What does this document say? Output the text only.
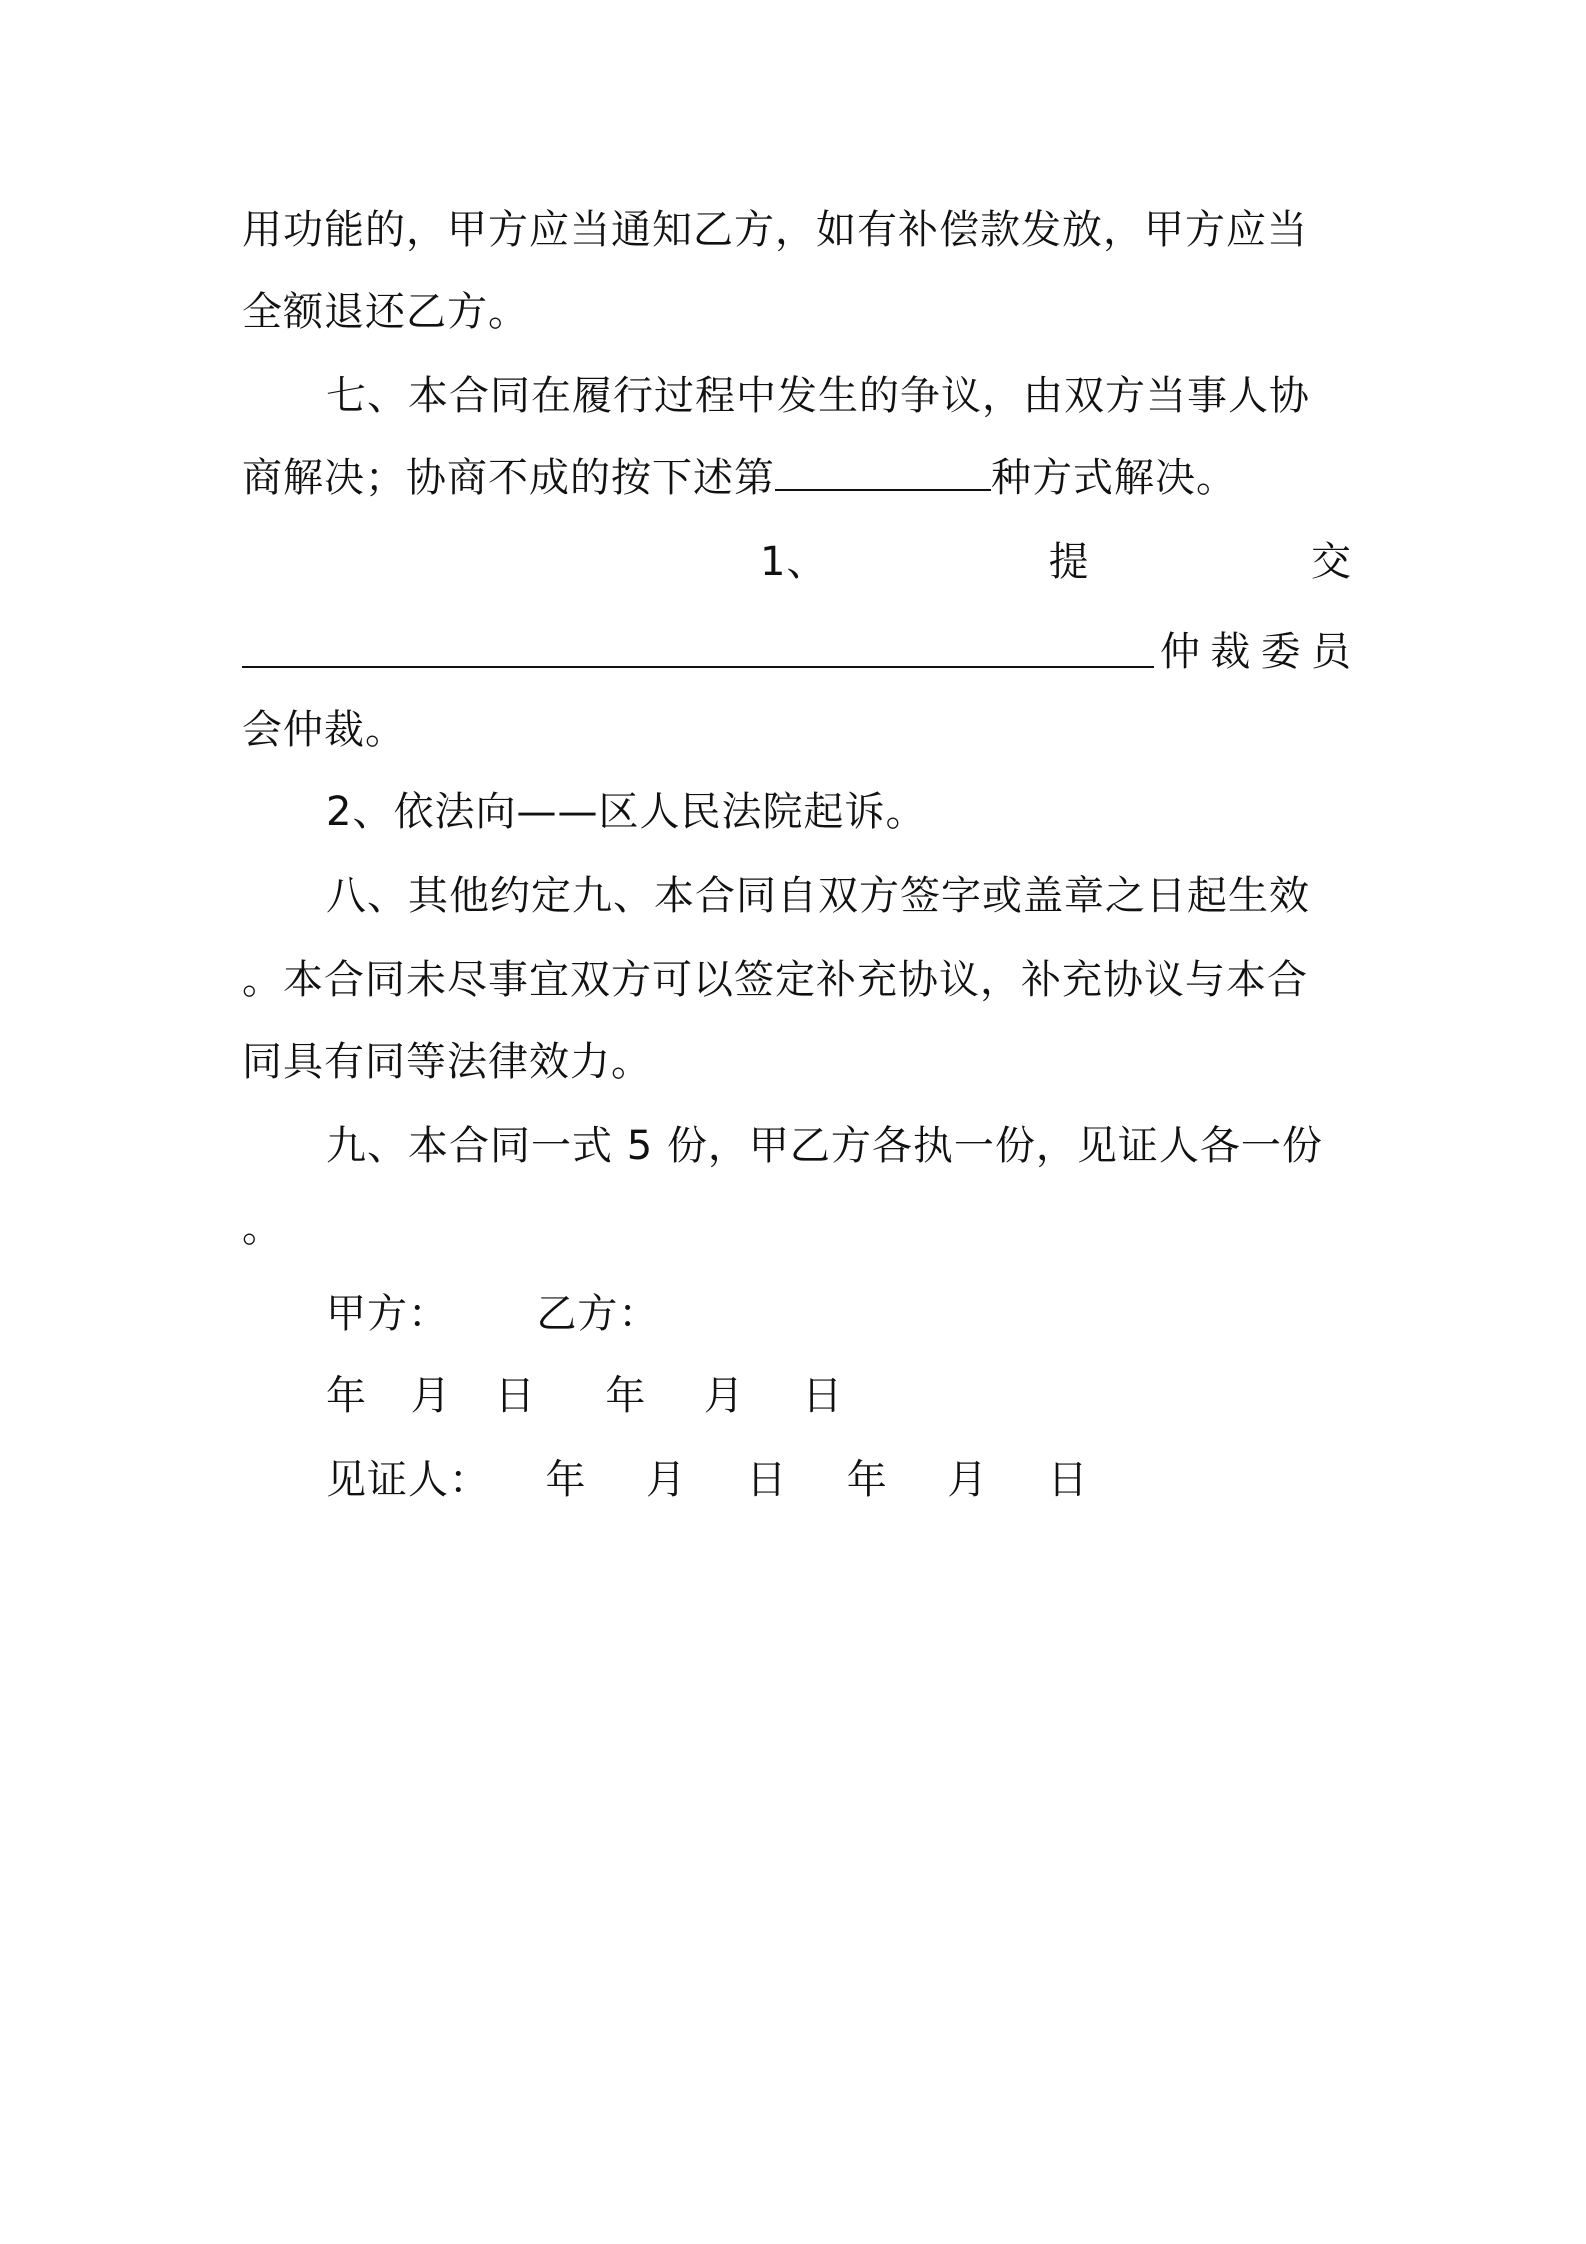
用功能的，甲方应当通知乙方，如有补偿款发放，甲方应当
全额退还乙方。
七、本合同在履行过程中发生的争议，由双方当事人协
商解决；协商不成的按下述第	种方式解决。
1、	提	交
仲 裁 委 员
会仲裁。
2、依法向——区人民法院起诉。
八、其他约定九、本合同自双方签字或盖章之日起生效
。本合同未尽事宜双方可以签定补充协议，补充协议与本合
同具有同等法律效力。
九、本合同一式 5 份，甲乙方各执一份，见证人各一份
。
甲方： 乙方：
年 月 日 年 月 日
见证人： 年 月 日 年 月 日
